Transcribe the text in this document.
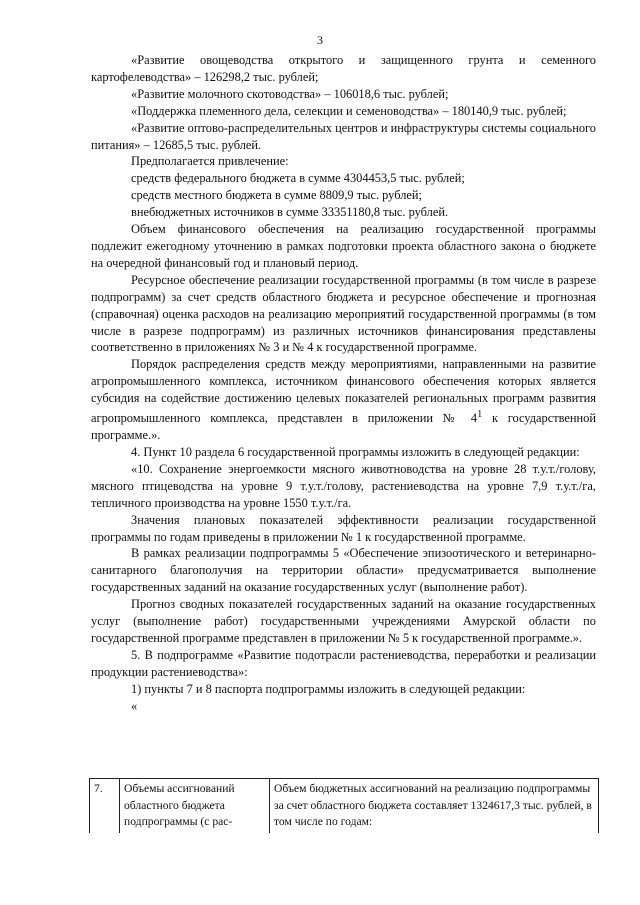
3

«Развитие овощеводства открытого и защищенного грунта и семенного картофелеводства» – 126298,2 тыс. рублей;

«Развитие молочного скотоводства» – 106018,6 тыс. рублей;

«Поддержка племенного дела, селекции и семеноводства» – 180140,9 тыс. рублей;

«Развитие оптово-распределительных центров и инфраструктуры системы социального питания» – 12685,5 тыс. рублей.

Предполагается привлечение:

средств федерального бюджета в сумме 4304453,5 тыс. рублей;

средств местного бюджета в сумме 8809,9 тыс. рублей;

внебюджетных источников в сумме 33351180,8 тыс. рублей.

Объем финансового обеспечения на реализацию государственной программы подлежит ежегодному уточнению в рамках подготовки проекта областного закона о бюджете на очередной финансовый год и плановый период.

Ресурсное обеспечение реализации государственной программы (в том числе в разрезе подпрограмм) за счет средств областного бюджета и ресурсное обеспечение и прогнозная (справочная) оценка расходов на реализацию мероприятий государственной программы (в том числе в разрезе подпрограмм) из различных источников финансирования представлены соответственно в приложениях № 3 и № 4 к государственной программе.

Порядок распределения средств между мероприятиями, направленными на развитие агропромышленного комплекса, источником финансового обеспечения которых является субсидия на содействие достижению целевых показателей региональных программ развития агропромышленного комплекса, представлен в приложении № $4^1$ к государственной программе.».

4. Пункт 10 раздела 6 государственной программы изложить в следующей редакции:

«10. Сохранение энергоемкости мясного животноводства на уровне 28 т.у.т./голову, мясного птицеводства на уровне 9 т.у.т./голову, растениеводства на уровне 7,9 т.у.т./га, тепличного производства на уровне 1550 т.у.т./га.

Значения плановых показателей эффективности реализации государственной программы по годам приведены в приложении № 1 к государственной программе.

В рамках реализации подпрограммы 5 «Обеспечение эпизоотического и ветеринарно-санитарного благополучия на территории области» предусматривается выполнение государственных заданий на оказание государственных услуг (выполнение работ).

Прогноз сводных показателей государственных заданий на оказание государственных услуг (выполнение работ) государственными учреждениями Амурской области по государственной программе представлен в приложении № 5 к государственной программе.».

5. В подпрограмме «Развитие подотрасли растениеводства, переработки и реализации продукции растениеводства»:

1) пункты 7 и 8 паспорта подпрограммы изложить в следующей редакции:

«

7.	Объемы ассигнований областного бюджета подпрограммы (с рас-	Объем бюджетных ассигнований на реализацию подпрограммы за счет областного бюджета составляет 1324617,3 тыс. рублей, в том числе по годам:
